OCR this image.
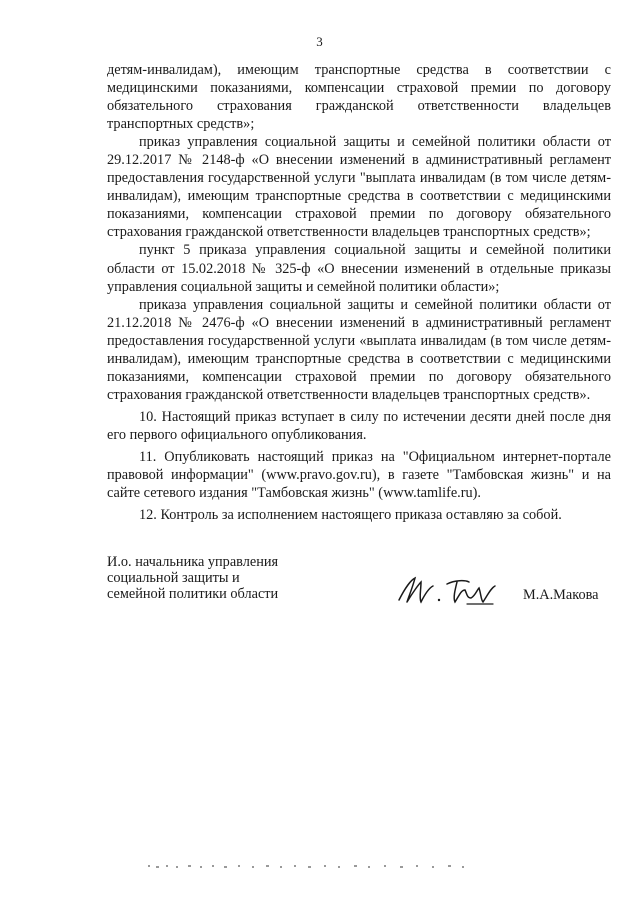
3

детям-инвалидам), имеющим транспортные средства в соответствии с медицинскими показаниями, компенсации страховой премии по договору обязательного страхования гражданской ответственности владельцев транспортных средств»;

приказ управления социальной защиты и семейной политики области от 29.12.2017 № 2148-ф «О внесении изменений в административный регламент предоставления государственной услуги "выплата инвалидам (в том числе детям-инвалидам), имеющим транспортные средства в соответствии с медицинскими показаниями, компенсации страховой премии по договору обязательного страхования гражданской ответственности владельцев транспортных средств»;

пункт 5 приказа управления социальной защиты и семейной политики области от 15.02.2018 № 325-ф «О внесении изменений в отдельные приказы управления социальной защиты и семейной политики области»;

приказа управления социальной защиты и семейной политики области от 21.12.2018 № 2476-ф «О внесении изменений в административный регламент предоставления государственной услуги «выплата инвалидам (в том числе детям-инвалидам), имеющим транспортные средства в соответствии с медицинскими показаниями, компенсации страховой премии по договору обязательного страхования гражданской ответственности владельцев транспортных средств».

10. Настоящий приказ вступает в силу по истечении десяти дней после дня его первого официального опубликования.

11. Опубликовать настоящий приказ на "Официальном интернет-портале правовой информации" (www.pravo.gov.ru), в газете "Тамбовская жизнь" и на сайте сетевого издания "Тамбовская жизнь" (www.tamlife.ru).

12. Контроль за исполнением настоящего приказа оставляю за собой.

И.о. начальника управления
социальной защиты и
семейной политики области	М.А.Макова
